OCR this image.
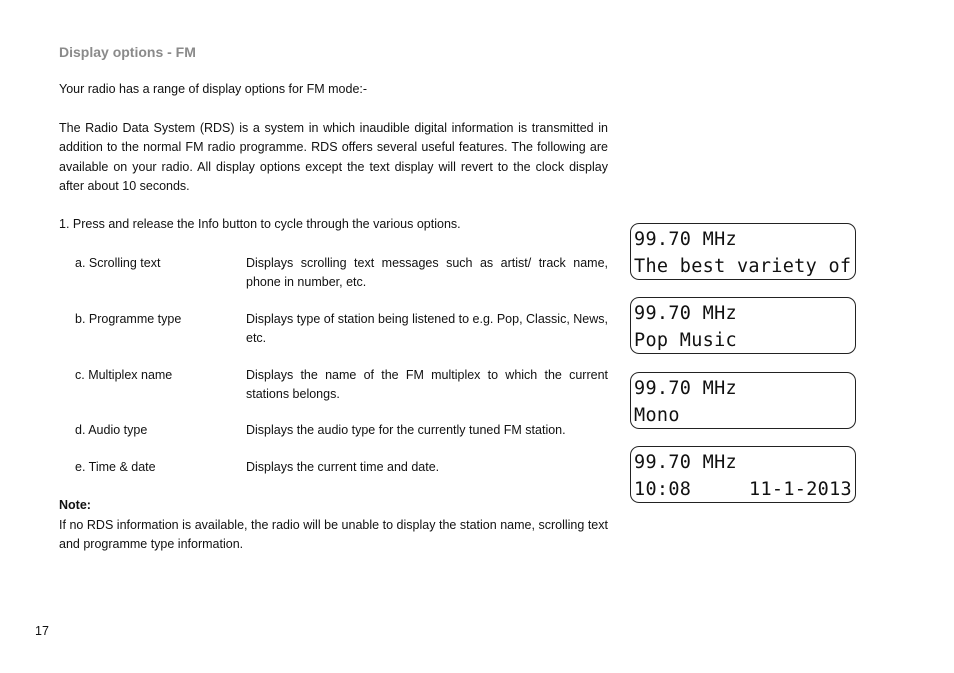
Display options - FM

Your radio has a range of display options for FM mode:-

The Radio Data System (RDS) is a system in which inaudible digital information is transmitted in addition to the normal FM radio programme. RDS offers several useful features. The following are available on your radio. All display options except the text display will revert to the clock display after about 10 seconds.

1. Press and release the Info button to cycle through the various options.

a. Scrolling text	Displays scrolling text messages such as artist/ track name, phone in number, etc.
b. Programme type	Displays type of station being listened to e.g. Pop, Classic, News, etc.
c. Multiplex name	Displays the name of the FM multiplex to which the current stations belongs.
d. Audio type	Displays the audio type for the currently tuned FM station.
e. Time & date	Displays the current time and date.
Note:

If no RDS information is available, the radio will be unable to display the station name, scrolling text and programme type information.

17
99.70 MHz
The best variety of
99.70 MHz
Pop Music
99.70 MHz
Mono
99.70 MHz
10:08	11-1-2013
